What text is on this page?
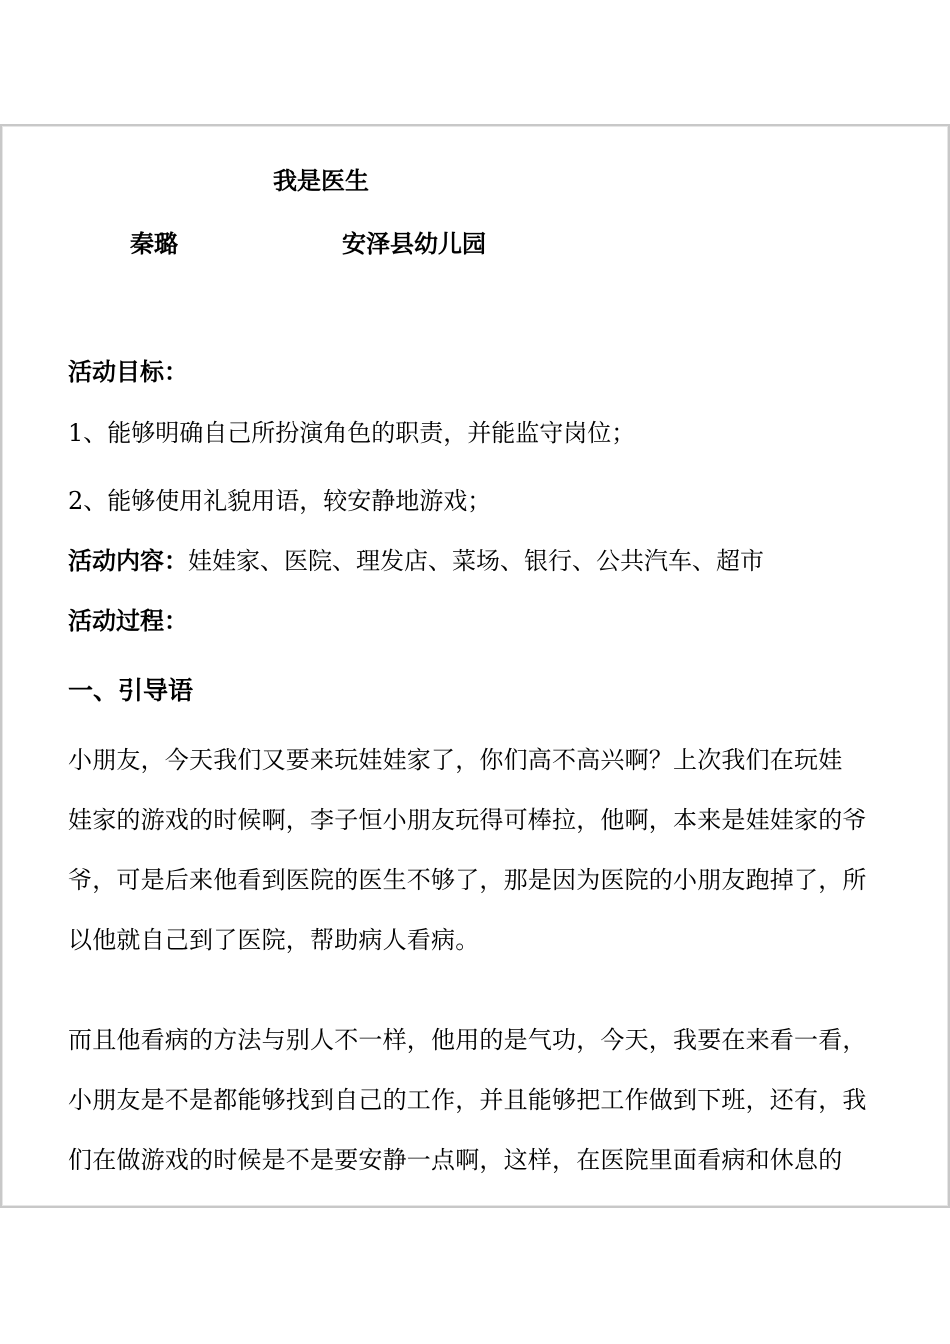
我是医生
秦璐	安泽县幼儿园
活动目标：
1、能够明确自己所扮演角色的职责，并能监守岗位；
2、能够使用礼貌用语，较安静地游戏；
活动内容：娃娃家、医院、理发店、菜场、银行、公共汽车、超市
活动过程：
一、引导语
小朋友，今天我们又要来玩娃娃家了，你们高不高兴啊？上次我们在玩娃
娃家的游戏的时候啊，李子恒小朋友玩得可棒拉，他啊，本来是娃娃家的爷
爷，可是后来他看到医院的医生不够了，那是因为医院的小朋友跑掉了，所
以他就自己到了医院，帮助病人看病。
而且他看病的方法与别人不一样，他用的是气功，今天，我要在来看一看，
小朋友是不是都能够找到自己的工作，并且能够把工作做到下班，还有，我
们在做游戏的时候是不是要安静一点啊，这样，在医院里面看病和休息的
